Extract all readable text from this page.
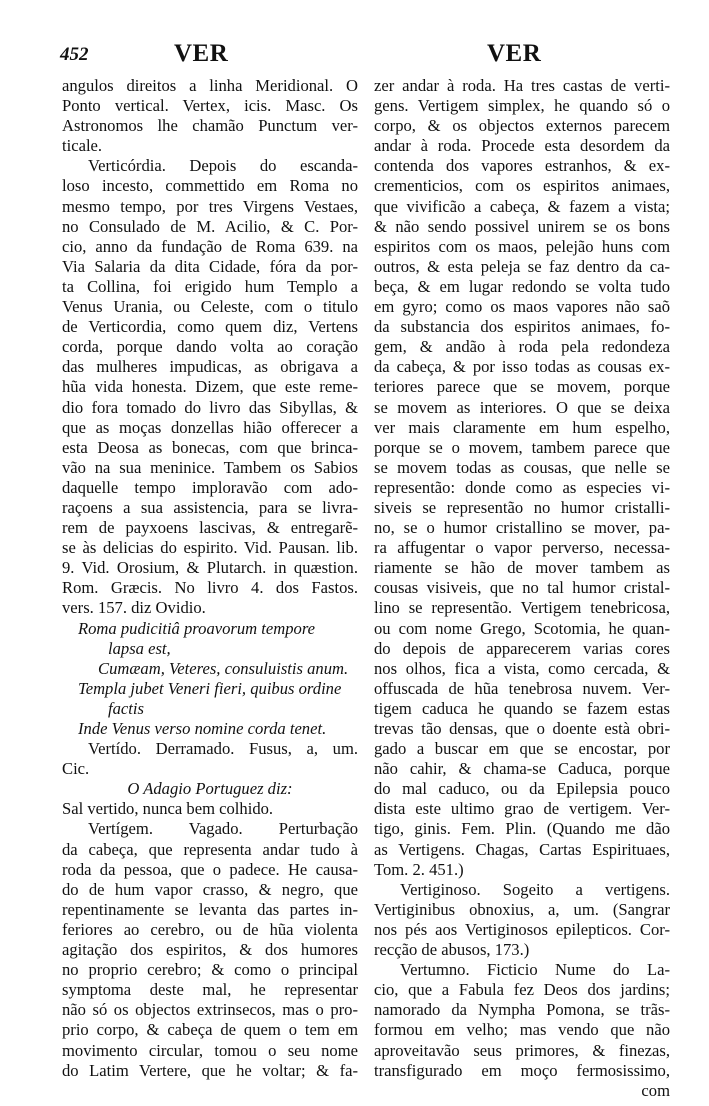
452	VER	VER
angulos direitos a linha Meridional. O
Ponto vertical. Vertex, icis. Masc. Os
Astronomos lhe chamão Punctum ver-
ticale.
Verticórdia. Depois do escanda-
loso incesto, commettido em Roma no
mesmo tempo, por tres Virgens Vestaes,
no Consulado de M. Acilio, & C. Por-
cio, anno da fundação de Roma 639. na
Via Salaria da dita Cidade, fóra da por-
ta Collina, foi erigido hum Templo a
Venus Urania, ou Celeste, com o titulo
de Verticordia, como quem diz, Vertens
corda, porque dando volta ao coração
das mulheres impudicas, as obrigava a
hũa vida honesta. Dizem, que este reme-
dio fora tomado do livro das Sibyllas, &
que as moças donzellas hião offerecer a
esta Deosa as bonecas, com que brinca-
vão na sua meninice. Tambem os Sabios
daquelle tempo imploravão com ado-
raçoens a sua assistencia, para se livra-
rem de payxoens lascivas, & entregarẽ-
se às delicias do espirito. Vid. Pausan. lib.
9. Vid. Orosium, & Plutarch. in quæstion.
Rom. Græcis. No livro 4. dos Fastos.
vers. 157. diz Ovidio.
Roma pudicitiâ proavorum tempore
lapsa est,
Cumæam, Veteres, consuluistis anum.
Templa jubet Veneri fieri, quibus ordine
factis
Inde Venus verso nomine corda tenet.
Vertído. Derramado. Fusus, a, um.
Cic.
O Adagio Portuguez diz:
Sal vertido, nunca bem colhido.
Vertígem. Vagado. Perturbação
da cabeça, que representa andar tudo à
roda da pessoa, que o padece. He causa-
do de hum vapor crasso, & negro, que
repentinamente se levanta das partes in-
feriores ao cerebro, ou de hũa violenta
agitação dos espiritos, & dos humores
no proprio cerebro; & como o principal
symptoma deste mal, he representar
não só os objectos extrinsecos, mas o pro-
prio corpo, & cabeça de quem o tem em
movimento circular, tomou o seu nome
do Latim Vertere, que he voltar; & fa-
zer andar à roda. Ha tres castas de verti-
gens. Vertigem simplex, he quando só o
corpo, & os objectos externos parecem
andar à roda. Procede esta desordem da
contenda dos vapores estranhos, & ex-
crementicios, com os espiritos animaes,
que vivificão a cabeça, & fazem a vista;
& não sendo possivel unirem se os bons
espiritos com os maos, pelejão huns com
outros, & esta peleja se faz dentro da ca-
beça, & em lugar redondo se volta tudo
em gyro; como os maos vapores não saõ
da substancia dos espiritos animaes, fo-
gem, & andão à roda pela redondeza
da cabeça, & por isso todas as cousas ex-
teriores parece que se movem, porque
se movem as interiores. O que se deixa
ver mais claramente em hum espelho,
porque se o movem, tambem parece que
se movem todas as cousas, que nelle se
representão: donde como as especies vi-
siveis se representão no humor cristalli-
no, se o humor cristallino se mover, pa-
ra affugentar o vapor perverso, necessa-
riamente se hão de mover tambem as
cousas visiveis, que no tal humor cristal-
lino se representão. Vertigem tenebricosa,
ou com nome Grego, Scotomia, he quan-
do depois de apparecerem varias cores
nos olhos, fica a vista, como cercada, &
offuscada de hũa tenebrosa nuvem. Ver-
tigem caduca he quando se fazem estas
trevas tão densas, que o doente està obri-
gado a buscar em que se encostar, por
não cahir, & chama-se Caduca, porque
do mal caduco, ou da Epilepsia pouco
dista este ultimo grao de vertigem. Ver-
tigo, ginis. Fem. Plin. (Quando me dão
as Vertigens. Chagas, Cartas Espirituaes,
Tom. 2. 451.)
Vertiginoso. Sogeito a vertigens.
Vertiginibus obnoxius, a, um. (Sangrar
nos pés aos Vertiginosos epilepticos. Cor-
recção de abusos, 173.)
Vertumno. Ficticio Nume do La-
cio, que a Fabula fez Deos dos jardins;
namorado da Nympha Pomona, se trãs-
formou em velho; mas vendo que não
aproveitavão seus primores, & finezas,
transfigurado em moço fermosissimo,
com
